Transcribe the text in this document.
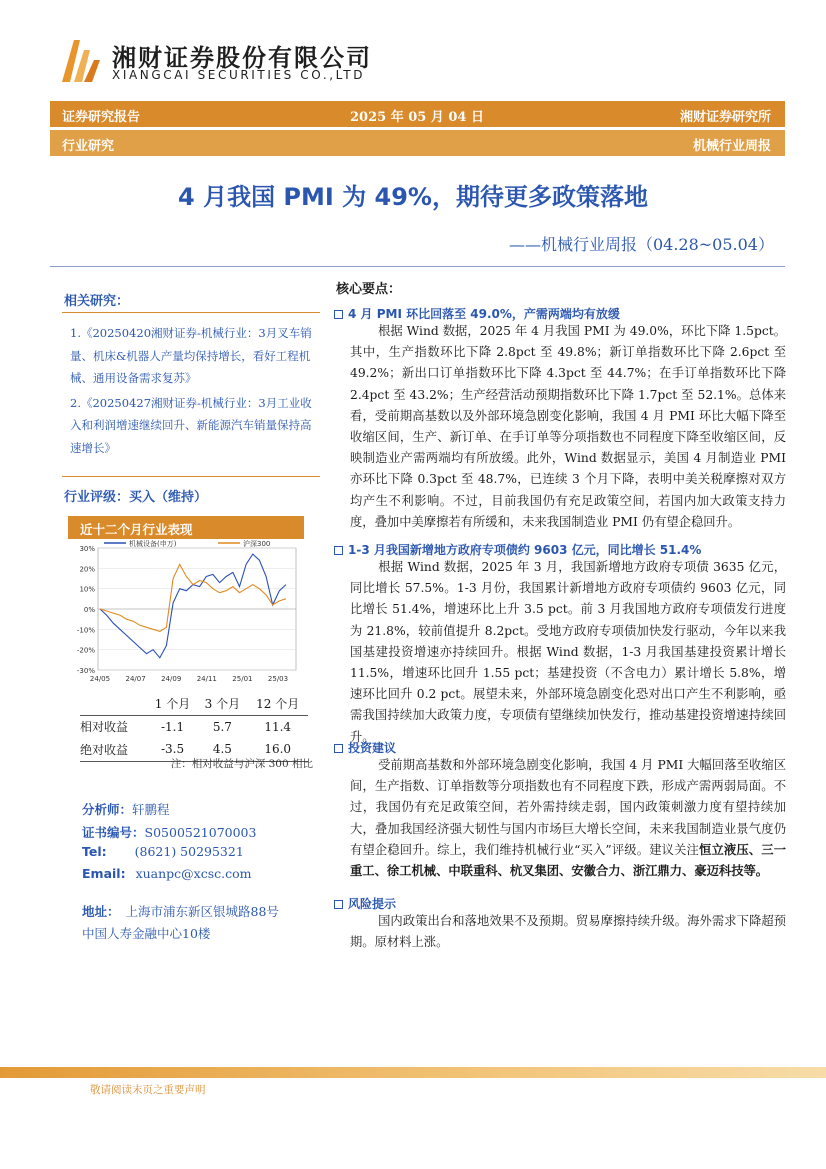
湘财证券股份有限公司
XIANGCAI SECURITIES CO.,LTD
证券研究报告	2025 年 05 月 04 日	湘财证券研究所
行业研究	机械行业周报
4 月我国 PMI 为 49%，期待更多政策落地
——机械行业周报（04.28~05.04）
相关研究：

1.《20250420湘财证券-机械行业：3月叉车销量、机床&机器人产量均保持增长，看好工程机械、通用设备需求复苏》

2.《20250427湘财证券-机械行业：3月工业收入和利润增速继续回升、新能源汽车销量保持高速增长》

行业评级：买入（维持）
近十二个月行业表现
30%
20%
10%
0%
-10%
-20%
-30%
24/05 24/07 24/09 24/11 25/01 25/03
机械设备(申万)	沪深300
	1 个月	3 个月	12 个月
相对收益	-1.1	5.7	11.4
绝对收益	-3.5	4.5	16.0
注：相对收益与沪深 300 相比
分析师：轩鹏程
证书编号：S0500521070003
Tel: (8621) 50295321
Email: xuanpc@xcsc.com
地址： 上海市浦东新区银城路88号
中国人寿金融中心10楼
核心要点：
4 月 PMI 环比回落至 49.0%，产需两端均有放缓
根据 Wind 数据，2025 年 4 月我国 PMI 为 49.0%，环比下降 1.5pct。其中，生产指数环比下降 2.8pct 至 49.8%；新订单指数环比下降 2.6pct 至 49.2%；新出口订单指数环比下降 4.3pct 至 44.7%；在手订单指数环比下降 2.4pct 至 43.2%；生产经营活动预期指数环比下降 1.7pct 至 52.1%。总体来看，受前期高基数以及外部环境急剧变化影响，我国 4 月 PMI 环比大幅下降至收缩区间，生产、新订单、在手订单等分项指数也不同程度下降至收缩区间，反映制造业产需两端均有所放缓。此外，Wind 数据显示，美国 4 月制造业 PMI 亦环比下降 0.3pct 至 48.7%，已连续 3 个月下降，表明中美关税摩擦对双方均产生不利影响。不过，目前我国仍有充足政策空间，若国内加大政策支持力度，叠加中美摩擦若有所缓和，未来我国制造业 PMI 仍有望企稳回升。
1-3 月我国新增地方政府专项债约 9603 亿元，同比增长 51.4%
根据 Wind 数据，2025 年 3 月，我国新增地方政府专项债 3635 亿元，同比增长 57.5%。1-3 月份，我国累计新增地方政府专项债约 9603 亿元，同比增长 51.4%，增速环比上升 3.5 pct。前 3 月我国地方政府专项债发行进度为 21.8%，较前值提升 8.2pct。受地方政府专项债加快发行驱动，今年以来我国基建投资增速亦持续回升。根据 Wind 数据，1-3 月我国基建投资累计增长 11.5%，增速环比回升 1.55 pct；基建投资（不含电力）累计增长 5.8%，增速环比回升 0.2 pct。展望未来，外部环境急剧变化恐对出口产生不利影响，亟需我国持续加大政策力度，专项债有望继续加快发行，推动基建投资增速持续回升。
投资建议
受前期高基数和外部环境急剧变化影响，我国 4 月 PMI 大幅回落至收缩区间，生产指数、订单指数等分项指数也有不同程度下跌，形成产需两弱局面。不过，我国仍有充足政策空间，若外需持续走弱，国内政策刺激力度有望持续加大，叠加我国经济强大韧性与国内市场巨大增长空间，未来我国制造业景气度仍有望企稳回升。综上，我们维持机械行业“买入”评级。建议关注恒立液压、三一重工、徐工机械、中联重科、杭叉集团、安徽合力、浙江鼎力、豪迈科技等。
风险提示
国内政策出台和落地效果不及预期。贸易摩擦持续升级。海外需求下降超预期。原材料上涨。
敬请阅读末页之重要声明
